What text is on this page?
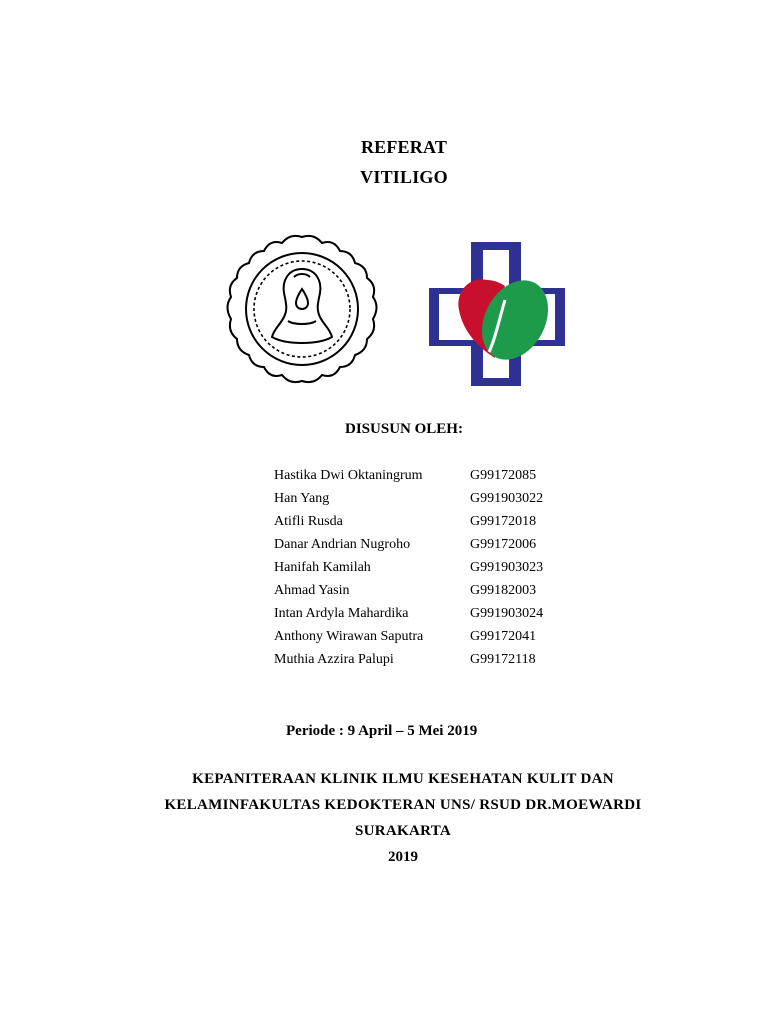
REFERAT
VITILIGO
DISUSUN OLEH:
Hastika Dwi Oktaningrum	G99172085
Han Yang	G991903022
Atifli Rusda	G99172018
Danar Andrian Nugroho	G99172006
Hanifah Kamilah	G991903023
Ahmad Yasin	G99182003
Intan Ardyla Mahardika	G991903024
Anthony Wirawan Saputra	G99172041
Muthia Azzira Palupi	G99172118
Periode : 9 April – 5 Mei 2019
KEPANITERAAN KLINIK ILMU KESEHATAN KULIT DAN
KELAMINFAKULTAS KEDOKTERAN UNS/ RSUD DR.MOEWARDI
SURAKARTA
2019
